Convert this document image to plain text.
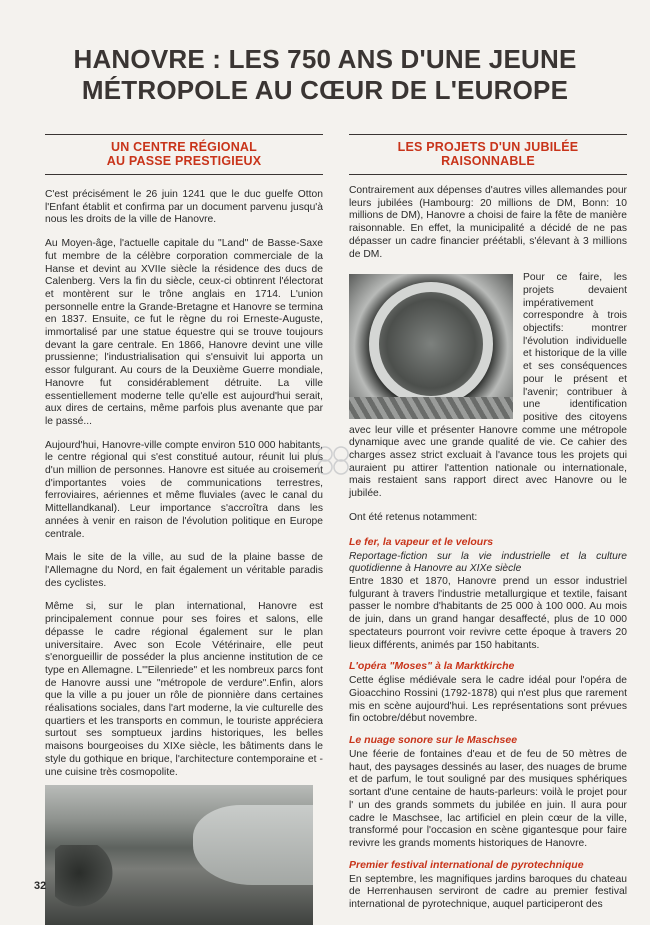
HANOVRE : LES 750 ANS D'UNE JEUNE
MÉTROPOLE AU CŒUR DE L'EUROPE
UN CENTRE RÉGIONAL
AU PASSE PRESTIGIEUX

C'est précisément le 26 juin 1241 que le duc guelfe Otton l'Enfant établit et confirma par un document parvenu jusqu'à nous les droits de la ville de Hanovre.

Au Moyen-âge, l'actuelle capitale du "Land" de Basse-Saxe fut membre de la célèbre corporation commerciale de la Hanse et devint au XVIIe siècle la résidence des ducs de Calenberg. Vers la fin du siècle, ceux-ci obtinrent l'électorat et montèrent sur le trône anglais en 1714. L'union personnelle entre la Grande-Bretagne et Hanovre se termina en 1837. Ensuite, ce fut le règne du roi Erneste-Auguste, immortalisé par une statue équestre qui se trouve toujours devant la gare centrale. En 1866, Hanovre devint une ville prussienne; l'industrialisation qui s'ensuivit lui apporta un essor fulgurant. Au cours de la Deuxième Guerre mondiale, Hanovre fut considérablement détruite. La ville essentiellement moderne telle qu'elle est aujourd'hui serait, aux dires de certains, même parfois plus avenante que par le passé...

Aujourd'hui, Hanovre-ville compte environ 510 000 habitants, le centre régional qui s'est constitué autour, réunit lui plus d'un million de personnes. Hanovre est située au croisement d'importantes voies de communications terrestres, ferroviaires, aériennes et même fluviales (avec le canal du Mittellandkanal). Leur importance s'accroîtra dans les années à venir en raison de l'évolution politique en Europe centrale.

Mais le site de la ville, au sud de la plaine basse de l'Allemagne du Nord, en fait également un véritable paradis des cyclistes.

Même si, sur le plan international, Hanovre est principalement connue pour ses foires et salons, elle dépasse le cadre régional également sur le plan universitaire. Avec son Ecole Vétérinaire, elle peut s'enorgueillir de posséder la plus ancienne institution de ce type en Allemagne. L'"Eilenriede" et les nombreux parcs font de Hanovre aussi une "métropole de verdure".Enfin, alors que la ville a pu jouer un rôle de pionnière dans certaines réalisations sociales, dans l'art moderne, la vie culturelle des quartiers et les transports en commun, le touriste appréciera surtout ses somptueux jardins historiques, les belles maisons bourgeoises du XIXe siècle, les bâtiments dans le style du gothique en brique, l'architecture contemporaine et - une cuisine très cosmopolite.

LES PROJETS D'UN JUBILÉE
RAISONNABLE

Contrairement aux dépenses d'autres villes allemandes pour leurs jubilées (Hambourg: 20 millions de DM, Bonn: 10 millions de DM), Hanovre a choisi de faire la fête de manière raisonnable. En effet, la municipalité a décidé de ne pas dépasser un cadre financier préétabli, s'élevant à 3 millions de DM.

Pour ce faire, les projets devaient impérativement correspondre à trois objectifs: montrer l'évolution individuelle et historique de la ville et ses conséquences pour le présent et l'avenir; contribuer à une identification positive des citoyens avec leur ville et présenter Hanovre comme une métropole dynamique avec une grande qualité de vie. Ce cahier des charges assez strict excluait à l'avance tous les projets qui auraient pu attirer l'attention nationale ou internationale, mais restaient sans rapport direct avec Hanovre ou le jubilée.

Ont été retenus notamment:

Le fer, la vapeur et le velours

Reportage-fiction sur la vie industrielle et la culture quotidienne à Hanovre au XIXe siècle

Entre 1830 et 1870, Hanovre prend un essor industriel fulgurant à travers l'industrie metallurgique et textile, faisant passer le nombre d'habitants de 25 000 à 100 000. Au mois de juin, dans un grand hangar desaffecté, plus de 10 000 spectateurs pourront voir revivre cette époque à travers 20 lieux différents, animés par 150 habitants.

L'opéra "Moses" à la Marktkirche

Cette église médiévale sera le cadre idéal pour l'opéra de Gioacchino Rossini (1792-1878) qui n'est plus que rarement mis en scène aujourd'hui. Les représentations sont prévues fin octobre/début novembre.

Le nuage sonore sur le Maschsee

Une féerie de fontaines d'eau et de feu de 50 mètres de haut, des paysages dessinés au laser, des nuages de brume et de parfum, le tout souligné par des musiques sphériques sortant d'une centaine de hauts-parleurs: voilà le projet pour l' un des grands sommets du jubilée en juin. Il aura pour cadre le Maschsee, lac artificiel en plein cœur de la ville, transformé pour l'occasion en scène gigantesque pour faire revivre les grands moments historiques de Hanovre.

Premier festival international de pyrotechnique

En septembre, les magnifiques jardins baroques du chateau de Herrenhausen serviront de cadre au premier festival international de pyrotechnique, auquel participeront des

32
